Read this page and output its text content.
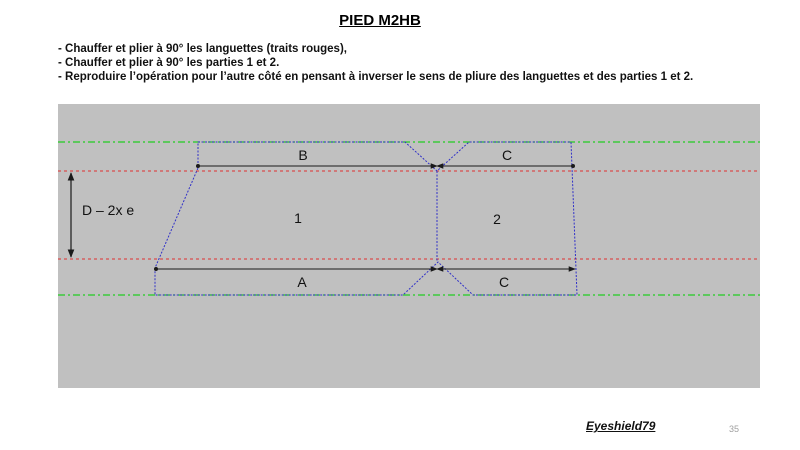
PIED M2HB
- Chauffer et plier à 90° les languettes (traits rouges),
- Chauffer et plier à 90° les parties 1 et 2.
- Reproduire l’opération pour l’autre côté en pensant à inverser le sens de pliure des languettes et des parties 1 et 2.
B	C
D – 2x e	1	2
A	C
Eyeshield79	35
